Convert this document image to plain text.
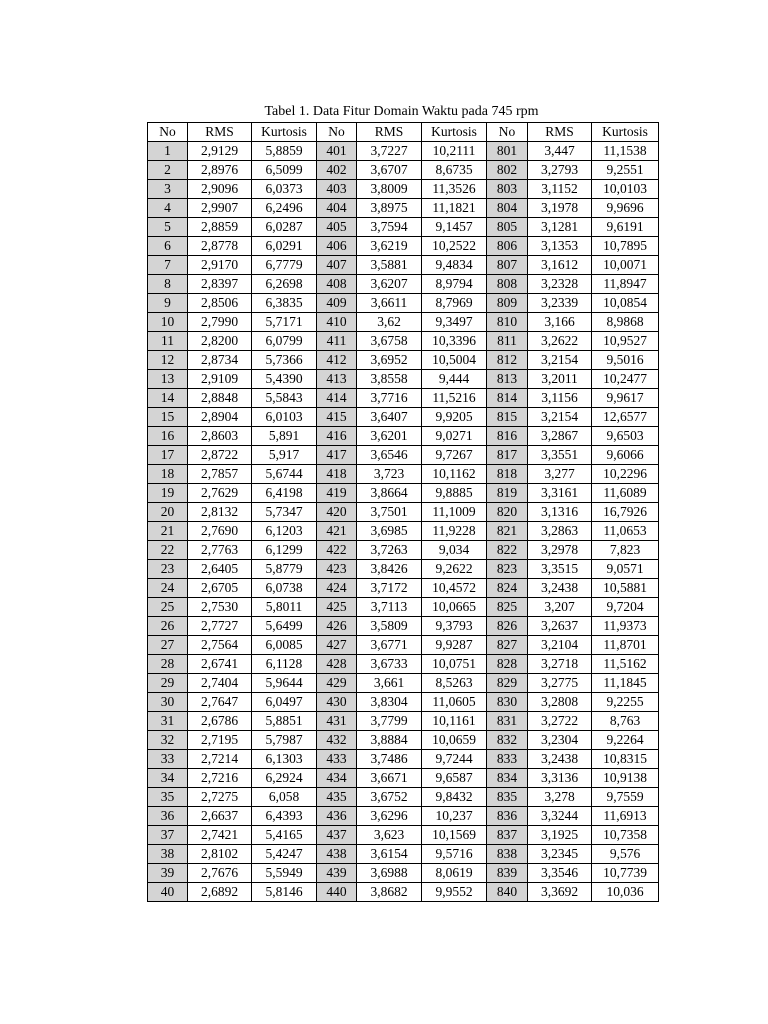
Tabel 1. Data Fitur Domain Waktu pada 745 rpm
No	RMS	Kurtosis	No	RMS	Kurtosis	No	RMS	Kurtosis
1	2,9129	5,8859	401	3,7227	10,2111	801	3,447	11,1538
2	2,8976	6,5099	402	3,6707	8,6735	802	3,2793	9,2551
3	2,9096	6,0373	403	3,8009	11,3526	803	3,1152	10,0103
4	2,9907	6,2496	404	3,8975	11,1821	804	3,1978	9,9696
5	2,8859	6,0287	405	3,7594	9,1457	805	3,1281	9,6191
6	2,8778	6,0291	406	3,6219	10,2522	806	3,1353	10,7895
7	2,9170	6,7779	407	3,5881	9,4834	807	3,1612	10,0071
8	2,8397	6,2698	408	3,6207	8,9794	808	3,2328	11,8947
9	2,8506	6,3835	409	3,6611	8,7969	809	3,2339	10,0854
10	2,7990	5,7171	410	3,62	9,3497	810	3,166	8,9868
11	2,8200	6,0799	411	3,6758	10,3396	811	3,2622	10,9527
12	2,8734	5,7366	412	3,6952	10,5004	812	3,2154	9,5016
13	2,9109	5,4390	413	3,8558	9,444	813	3,2011	10,2477
14	2,8848	5,5843	414	3,7716	11,5216	814	3,1156	9,9617
15	2,8904	6,0103	415	3,6407	9,9205	815	3,2154	12,6577
16	2,8603	5,891	416	3,6201	9,0271	816	3,2867	9,6503
17	2,8722	5,917	417	3,6546	9,7267	817	3,3551	9,6066
18	2,7857	5,6744	418	3,723	10,1162	818	3,277	10,2296
19	2,7629	6,4198	419	3,8664	9,8885	819	3,3161	11,6089
20	2,8132	5,7347	420	3,7501	11,1009	820	3,1316	16,7926
21	2,7690	6,1203	421	3,6985	11,9228	821	3,2863	11,0653
22	2,7763	6,1299	422	3,7263	9,034	822	3,2978	7,823
23	2,6405	5,8779	423	3,8426	9,2622	823	3,3515	9,0571
24	2,6705	6,0738	424	3,7172	10,4572	824	3,2438	10,5881
25	2,7530	5,8011	425	3,7113	10,0665	825	3,207	9,7204
26	2,7727	5,6499	426	3,5809	9,3793	826	3,2637	11,9373
27	2,7564	6,0085	427	3,6771	9,9287	827	3,2104	11,8701
28	2,6741	6,1128	428	3,6733	10,0751	828	3,2718	11,5162
29	2,7404	5,9644	429	3,661	8,5263	829	3,2775	11,1845
30	2,7647	6,0497	430	3,8304	11,0605	830	3,2808	9,2255
31	2,6786	5,8851	431	3,7799	10,1161	831	3,2722	8,763
32	2,7195	5,7987	432	3,8884	10,0659	832	3,2304	9,2264
33	2,7214	6,1303	433	3,7486	9,7244	833	3,2438	10,8315
34	2,7216	6,2924	434	3,6671	9,6587	834	3,3136	10,9138
35	2,7275	6,058	435	3,6752	9,8432	835	3,278	9,7559
36	2,6637	6,4393	436	3,6296	10,237	836	3,3244	11,6913
37	2,7421	5,4165	437	3,623	10,1569	837	3,1925	10,7358
38	2,8102	5,4247	438	3,6154	9,5716	838	3,2345	9,576
39	2,7676	5,5949	439	3,6988	8,0619	839	3,3546	10,7739
40	2,6892	5,8146	440	3,8682	9,9552	840	3,3692	10,036
